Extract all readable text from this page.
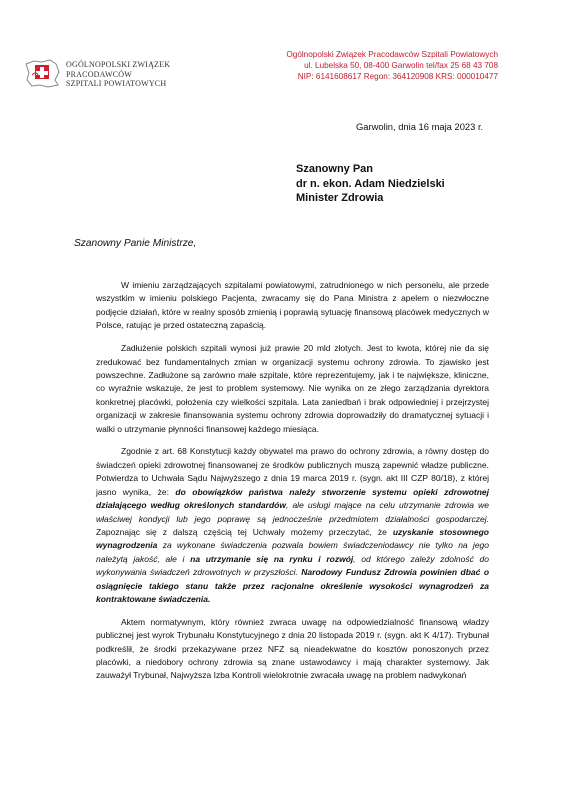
OGÓLNOPOLSKI ZWIĄZEK
PRACODAWCÓW
SZPITALI POWIATOWYCH
Ogólnopolski Związek Pracodawców Szpitali Powiatowych
ul. Lubelska 50, 08-400 Garwolin tel/fax 25 68 43 708
NIP: 6141608617 Regon: 364120908 KRS: 000010477
Garwolin, dnia 16 maja 2023 r.
Szanowny Pan
dr n. ekon. Adam Niedzielski
Minister Zdrowia
Szanowny Panie Ministrze,

W imieniu zarządzających szpitalami powiatowymi, zatrudnionego w nich personelu, ale przede wszystkim w imieniu polskiego Pacjenta, zwracamy się do Pana Ministra z apelem o niezwłoczne podjęcie działań, które w realny sposób zmienią i poprawią sytuację finansową placówek medycznych w Polsce, ratując je przed ostateczną zapaścią.

Zadłużenie polskich szpitali wynosi już prawie 20 mld złotych. Jest to kwota, której nie da się zredukować bez fundamentalnych zmian w organizacji systemu ochrony zdrowia. To zjawisko jest powszechne. Zadłużone są zarówno małe szpitale, które reprezentujemy, jak i te największe, kliniczne, co wyraźnie wskazuje, że jest to problem systemowy. Nie wynika on ze złego zarządzania dyrektora konkretnej placówki, położenia czy wielkości szpitala. Lata zaniedbań i brak odpowiedniej i przejrzystej organizacji w zakresie finansowania systemu ochrony zdrowia doprowadziły do dramatycznej sytuacji i walki o utrzymanie płynności finansowej każdego miesiąca.

Zgodnie z art. 68 Konstytucji każdy obywatel ma prawo do ochrony zdrowia, a równy dostęp do świadczeń opieki zdrowotnej finansowanej ze środków publicznych muszą zapewnić władze publiczne. Potwierdza to Uchwała Sądu Najwyższego z dnia 19 marca 2019 r. (sygn. akt III CZP 80/18), z której jasno wynika, że: do obowiązków państwa należy stworzenie systemu opieki zdrowotnej działającego według określonych standardów, ale usługi mające na celu utrzymanie zdrowia we właściwej kondycji lub jego poprawę są jednocześnie przedmiotem działalności gospodarczej. Zapoznając się z dalszą częścią tej Uchwały możemy przeczytać, że uzyskanie stosownego wynagrodzenia za wykonane świadczenia pozwala bowiem świadczeniodawcy nie tylko na jego należytą jakość, ale i na utrzymanie się na rynku i rozwój, od którego zależy zdolność do wykonywania świadczeń zdrowotnych w przyszłości. Narodowy Fundusz Zdrowia powinien dbać o osiągnięcie takiego stanu także przez racjonalne określenie wysokości wynagrodzeń za kontraktowane świadczenia.

Aktem normatywnym, który również zwraca uwagę na odpowiedzialność finansową władzy publicznej jest wyrok Trybunału Konstytucyjnego z dnia 20 listopada 2019 r. (sygn. akt K 4/17). Trybunał podkreślił, że środki przekazywane przez NFZ są nieadekwatne do kosztów ponoszonych przez placówki, a niedobory ochrony zdrowia są znane ustawodawcy i mają charakter systemowy. Jak zauważył Trybunał, Najwyższa Izba Kontroli wielokrotnie zwracała uwagę na problem nadwykonań
